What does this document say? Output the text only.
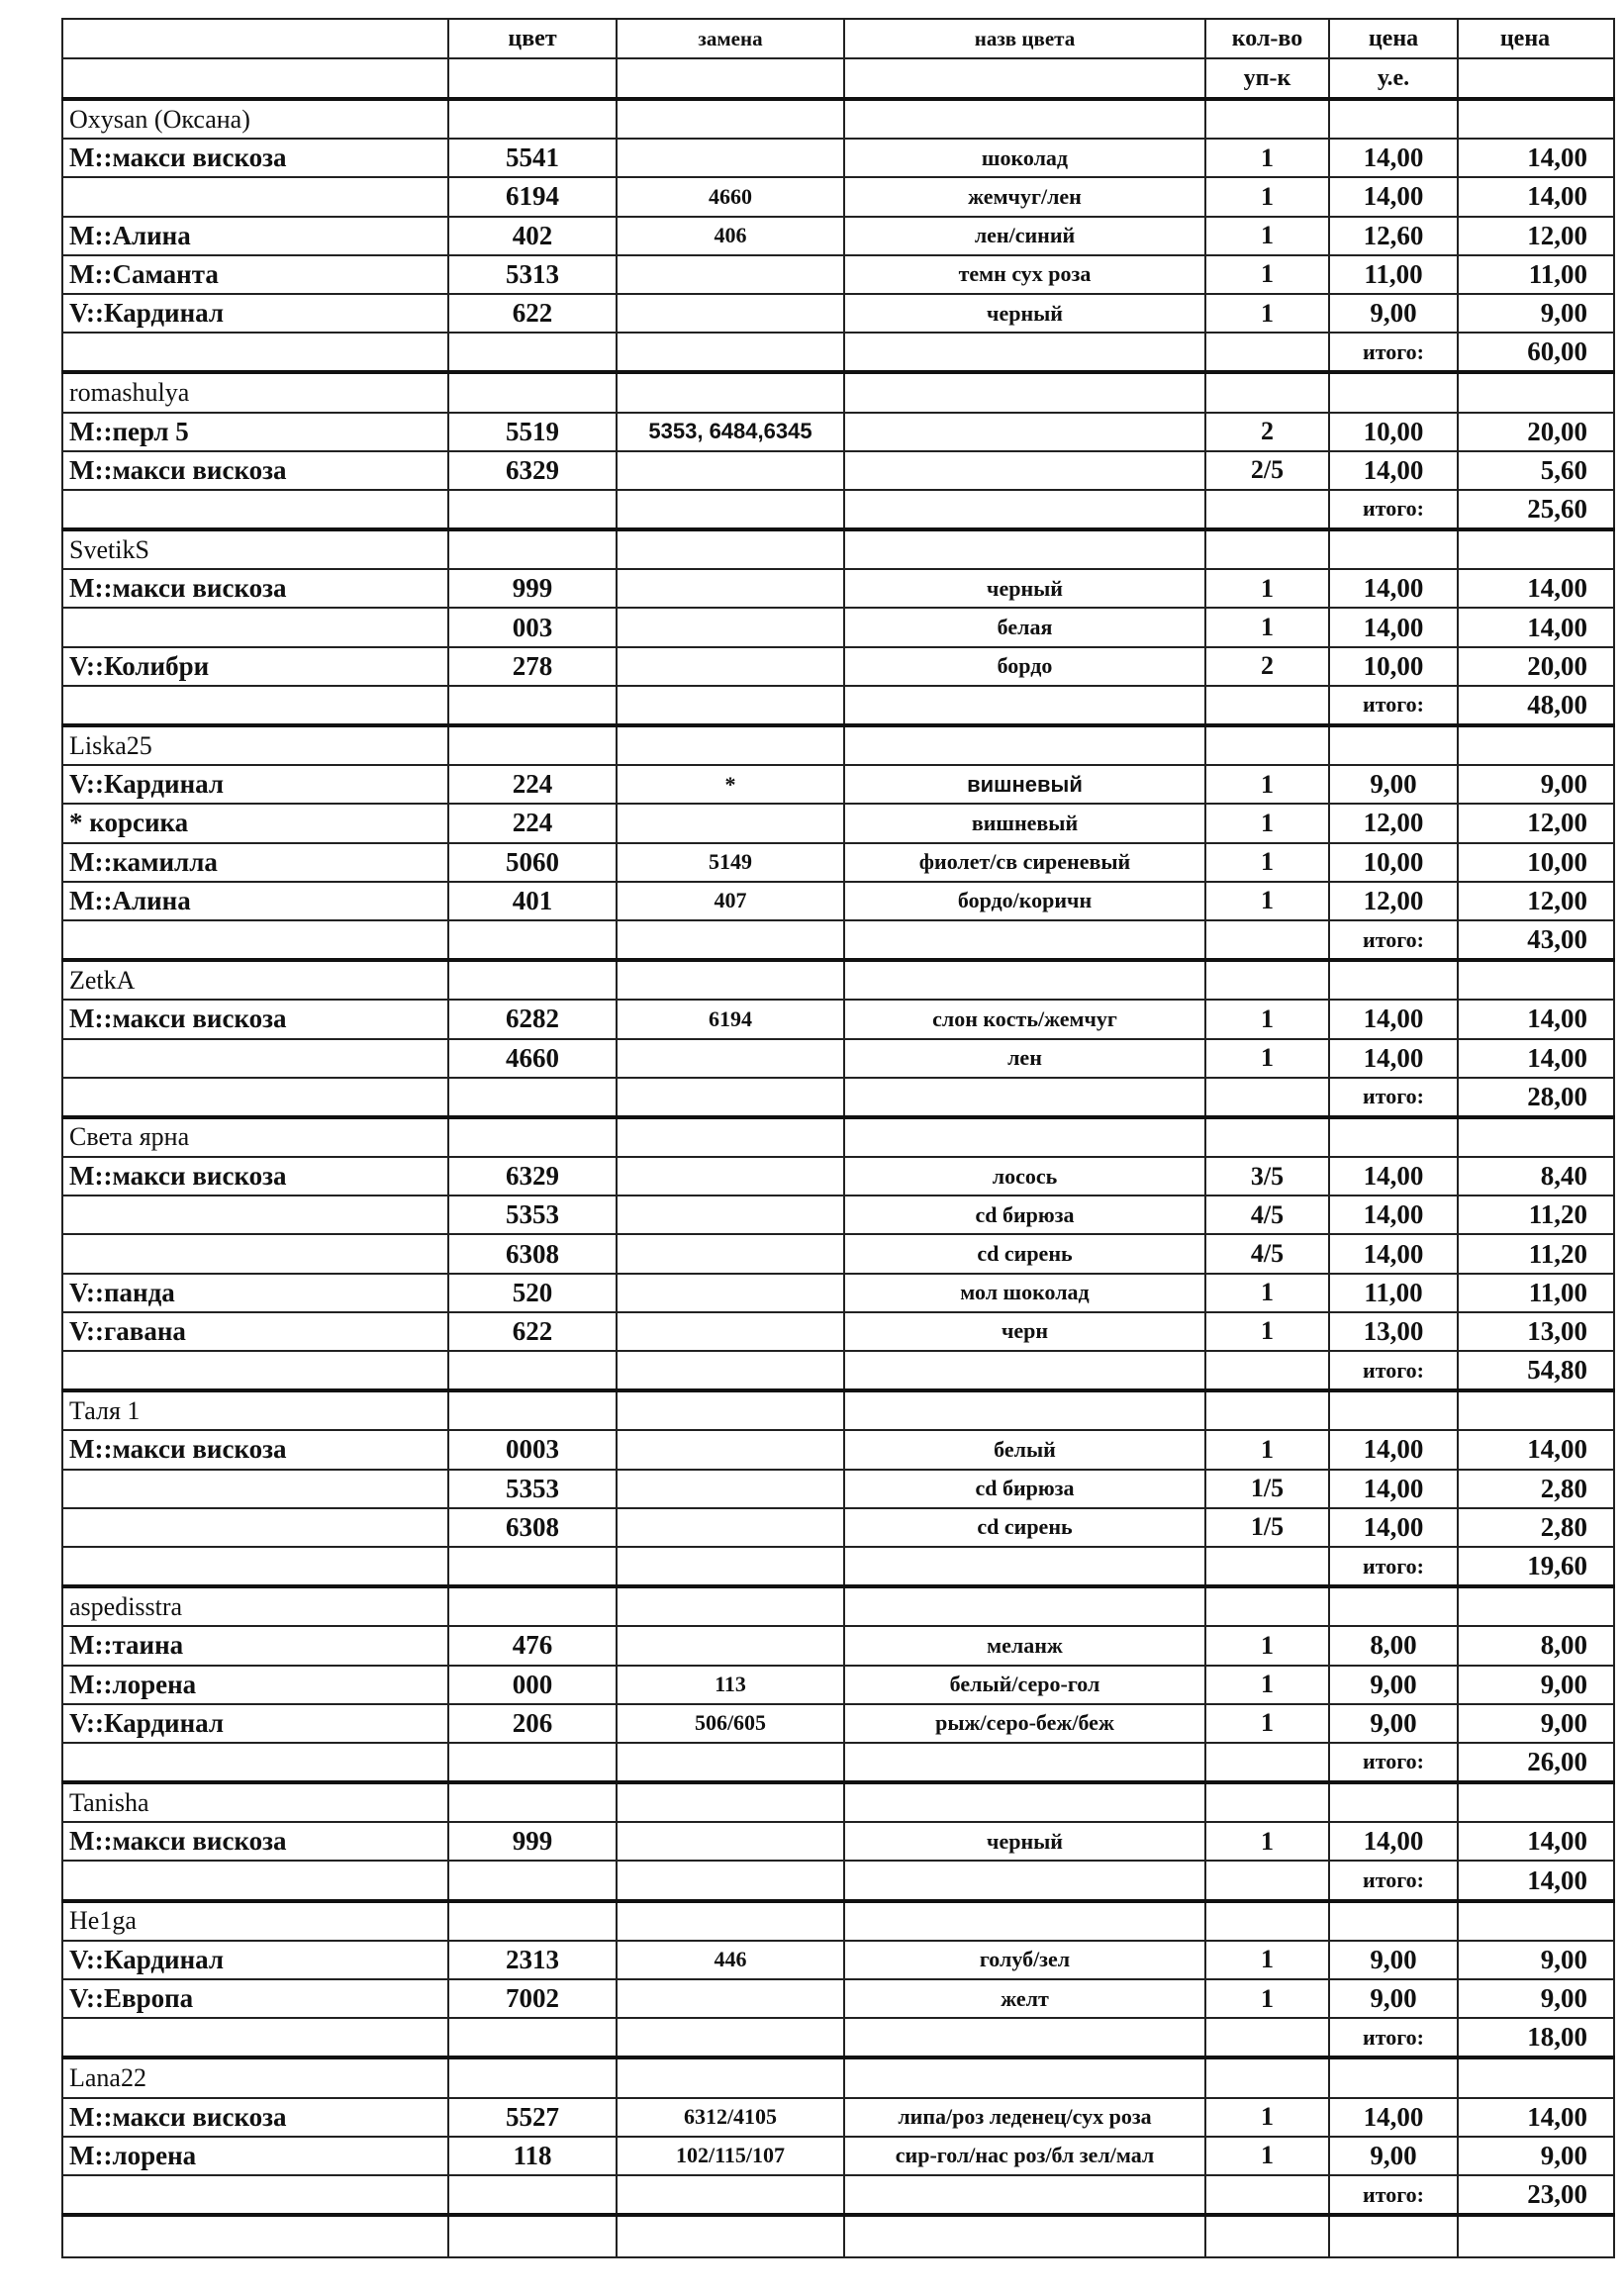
	цвет	замена	назв цвета	кол-во	цена	цена
				уп-к	у.е.	
Oxysan (Оксана)						
М::макси вискоза	5541		шоколад	1	14,00	14,00
	6194	4660	жемчуг/лен	1	14,00	14,00
М::Алина	402	406	лен/синий	1	12,60	12,00
М::Саманта	5313		темн сух роза	1	11,00	11,00
V::Кардинал	622		черный	1	9,00	9,00
					итого:	60,00
romashulya						
М::перл 5	5519	5353, 6484,6345		2	10,00	20,00
М::макси вискоза	6329			2/5	14,00	5,60
					итого:	25,60
SvetikS						
М::макси вискоза	999		черный	1	14,00	14,00
	003		белая	1	14,00	14,00
V::Колибри	278		бордо	2	10,00	20,00
					итого:	48,00
Liska25						
V::Кардинал	224	*	вишневый	1	9,00	9,00
* корсика	224		вишневый	1	12,00	12,00
М::камилла	5060	5149	фиолет/св сиреневый	1	10,00	10,00
М::Алина	401	407	бордо/коричн	1	12,00	12,00
					итого:	43,00
ZetkA						
М::макси вискоза	6282	6194	слон кость/жемчуг	1	14,00	14,00
	4660		лен	1	14,00	14,00
					итого:	28,00
Света ярна						
М::макси вискоза	6329		лосось	3/5	14,00	8,40
	5353		cd бирюза	4/5	14,00	11,20
	6308		cd сирень	4/5	14,00	11,20
V::панда	520		мол шоколад	1	11,00	11,00
V::гавана	622		черн	1	13,00	13,00
					итого:	54,80
Таля 1						
М::макси вискоза	0003		белый	1	14,00	14,00
	5353		cd бирюза	1/5	14,00	2,80
	6308		cd сирень	1/5	14,00	2,80
					итого:	19,60
aspedisstra						
М::таина	476		меланж	1	8,00	8,00
М::лорена	000	113	белый/серо-гол	1	9,00	9,00
V::Кардинал	206	506/605	рыж/серо-беж/беж	1	9,00	9,00
					итого:	26,00
Tanisha						
М::макси вискоза	999		черный	1	14,00	14,00
					итого:	14,00
He1ga						
V::Кардинал	2313	446	голуб/зел	1	9,00	9,00
V::Европа	7002		желт	1	9,00	9,00
					итого:	18,00
Lana22						
М::макси вискоза	5527	6312/4105	липа/роз леденец/сух роза	1	14,00	14,00
М::лорена	118	102/115/107	сир-гол/нас роз/бл зел/мал	1	9,00	9,00
					итого:	23,00
